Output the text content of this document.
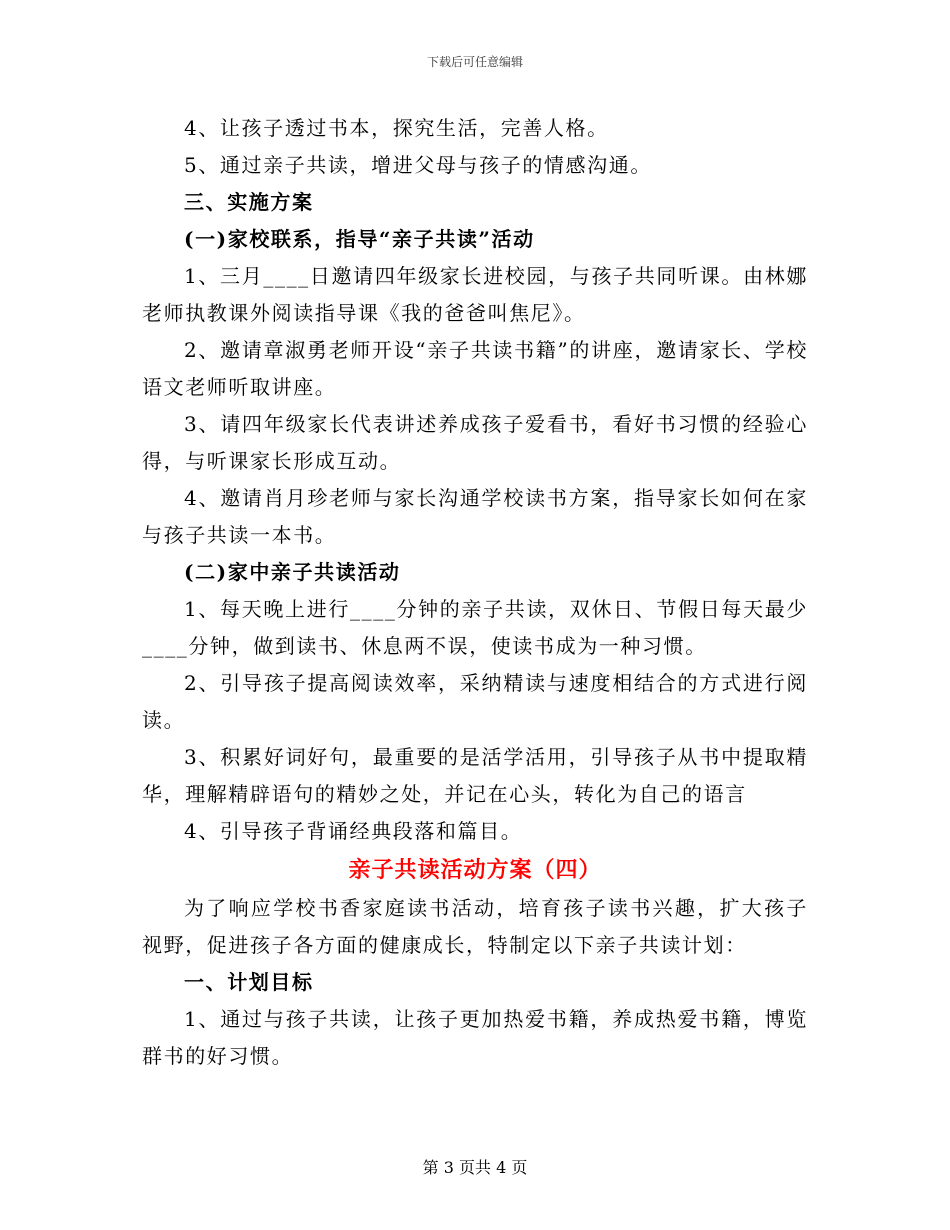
下载后可任意编辑

4、让孩子透过书本，探究生活，完善人格。

5、通过亲子共读，增进父母与孩子的情感沟通。

三、实施方案

(一)家校联系，指导“亲子共读”活动

1、三月____日邀请四年级家长进校园，与孩子共同听课。由林娜老师执教课外阅读指导课《我的爸爸叫焦尼》。

2、邀请章淑勇老师开设“亲子共读书籍”的讲座，邀请家长、学校语文老师听取讲座。

3、请四年级家长代表讲述养成孩子爱看书，看好书习惯的经验心得，与听课家长形成互动。

4、邀请肖月珍老师与家长沟通学校读书方案，指导家长如何在家与孩子共读一本书。

(二)家中亲子共读活动

1、每天晚上进行____分钟的亲子共读，双休日、节假日每天最少____分钟，做到读书、休息两不误，使读书成为一种习惯。

2、引导孩子提高阅读效率，采纳精读与速度相结合的方式进行阅读。

3、积累好词好句，最重要的是活学活用，引导孩子从书中提取精华，理解精辟语句的精妙之处，并记在心头，转化为自己的语言

4、引导孩子背诵经典段落和篇目。

亲子共读活动方案（四）

为了响应学校书香家庭读书活动，培育孩子读书兴趣，扩大孩子视野，促进孩子各方面的健康成长，特制定以下亲子共读计划：

一、计划目标

1、通过与孩子共读，让孩子更加热爱书籍，养成热爱书籍，博览群书的好习惯。

第 3 页共 4 页
